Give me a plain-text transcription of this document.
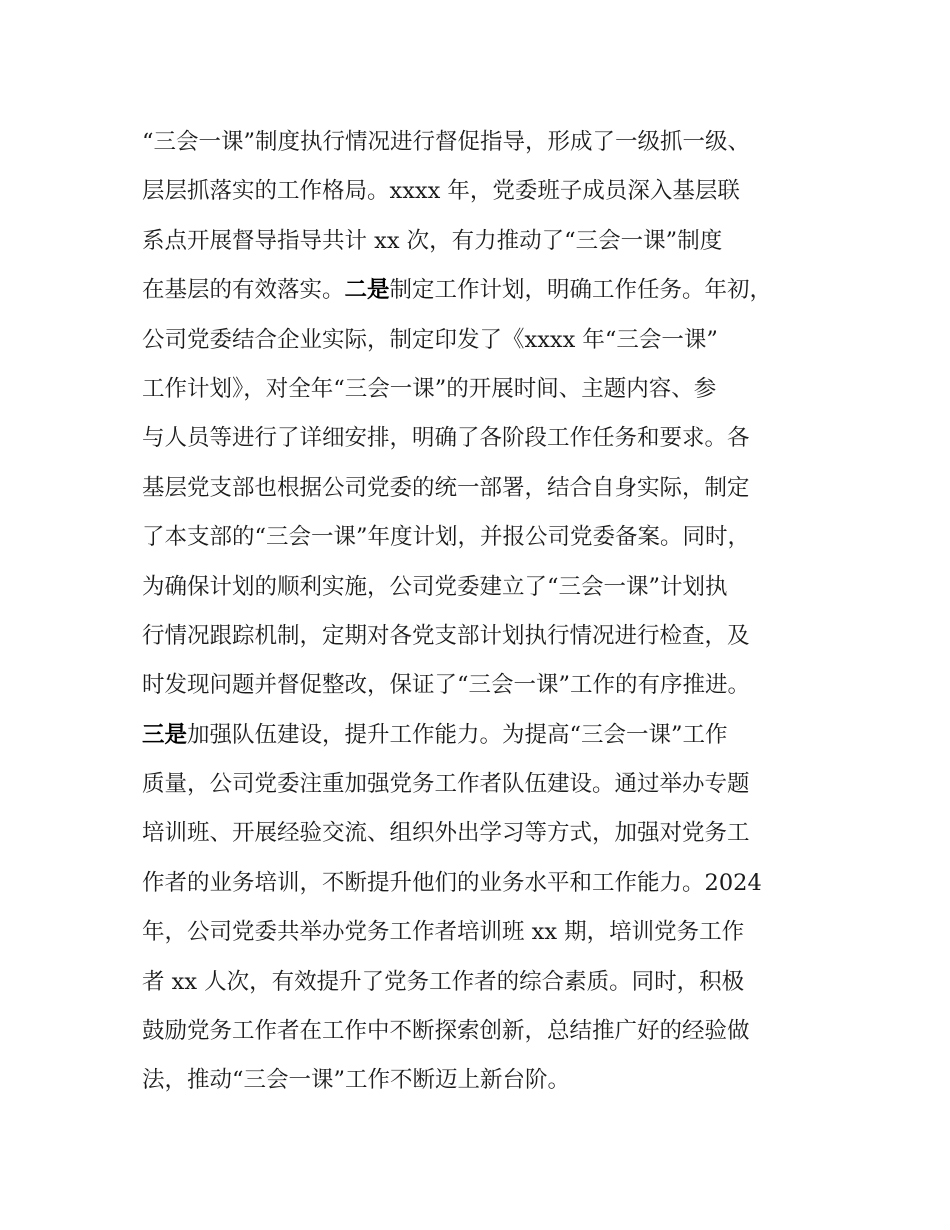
“三会一课”制度执行情况进行督促指导，形成了一级抓一级、
层层抓落实的工作格局。xxxx 年，党委班子成员深入基层联
系点开展督导指导共计 xx 次，有力推动了“三会一课”制度
在基层的有效落实。二是制定工作计划，明确工作任务。年初，
公司党委结合企业实际，制定印发了《xxxx 年“三会一课”
工作计划》，对全年“三会一课”的开展时间、主题内容、参
与人员等进行了详细安排，明确了各阶段工作任务和要求。各
基层党支部也根据公司党委的统一部署，结合自身实际，制定
了本支部的“三会一课”年度计划，并报公司党委备案。同时，
为确保计划的顺利实施，公司党委建立了“三会一课”计划执
行情况跟踪机制，定期对各党支部计划执行情况进行检查，及
时发现问题并督促整改，保证了“三会一课”工作的有序推进。
三是加强队伍建设，提升工作能力。为提高“三会一课”工作
质量，公司党委注重加强党务工作者队伍建设。通过举办专题
培训班、开展经验交流、组织外出学习等方式，加强对党务工
作者的业务培训，不断提升他们的业务水平和工作能力。2024
年，公司党委共举办党务工作者培训班 xx 期，培训党务工作
者 xx 人次，有效提升了党务工作者的综合素质。同时，积极
鼓励党务工作者在工作中不断探索创新，总结推广好的经验做
法，推动“三会一课”工作不断迈上新台阶。
